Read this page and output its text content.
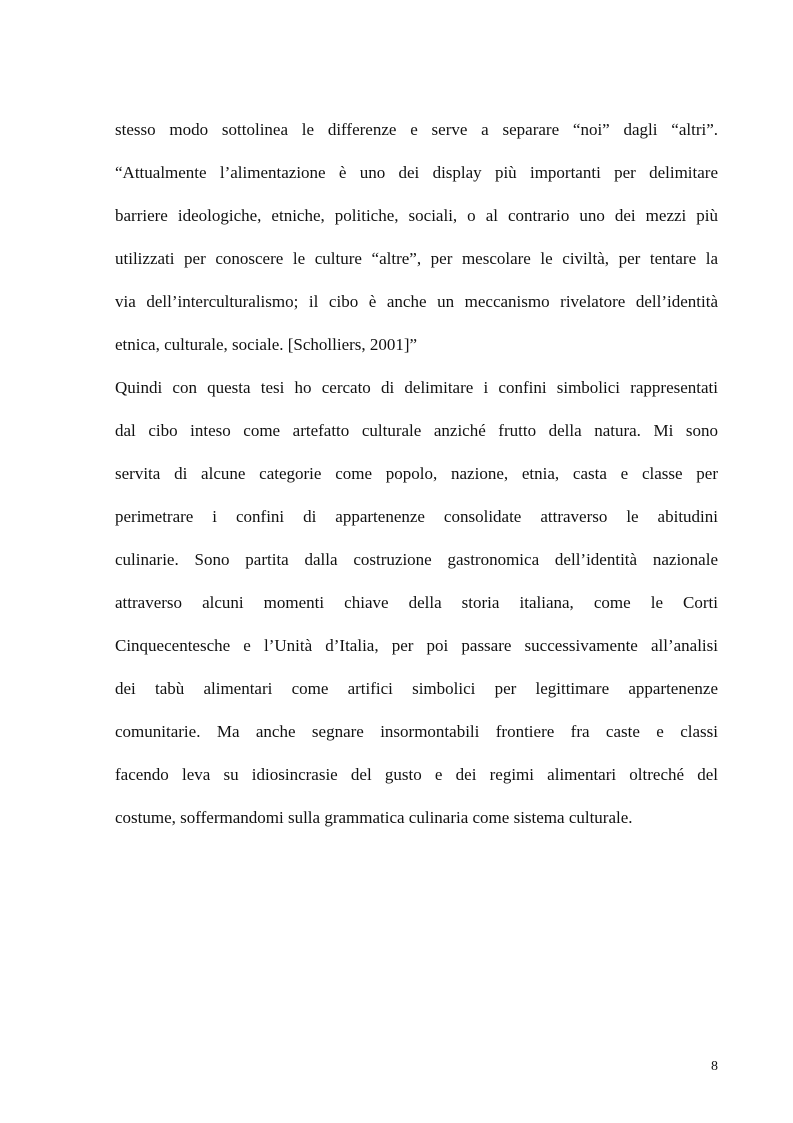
stesso modo sottolinea le differenze e serve a separare “noi” dagli “altri”.
“Attualmente l’alimentazione è uno dei display più importanti per delimitare
barriere ideologiche, etniche, politiche, sociali, o al contrario uno dei mezzi più
utilizzati per conoscere le culture “altre”, per mescolare le civiltà, per tentare la
via dell’interculturalismo; il cibo è anche un meccanismo rivelatore dell’identità
etnica, culturale, sociale. [Scholliers, 2001]”
Quindi con questa tesi ho cercato di delimitare i confini simbolici rappresentati
dal cibo inteso come artefatto culturale anziché frutto della natura. Mi sono
servita di alcune categorie come popolo, nazione, etnia, casta e classe per
perimetrare i confini di appartenenze consolidate attraverso le abitudini
culinarie. Sono partita dalla costruzione gastronomica dell’identità nazionale
attraverso alcuni momenti chiave della storia italiana, come le Corti
Cinquecentesche e l’Unità d’Italia, per poi passare successivamente all’analisi
dei tabù alimentari come artifici simbolici per legittimare appartenenze
comunitarie. Ma anche segnare insormontabili frontiere fra caste e classi
facendo leva su idiosincrasie del gusto e dei regimi alimentari oltreché del
costume, soffermandomi sulla grammatica culinaria come sistema culturale.
8
